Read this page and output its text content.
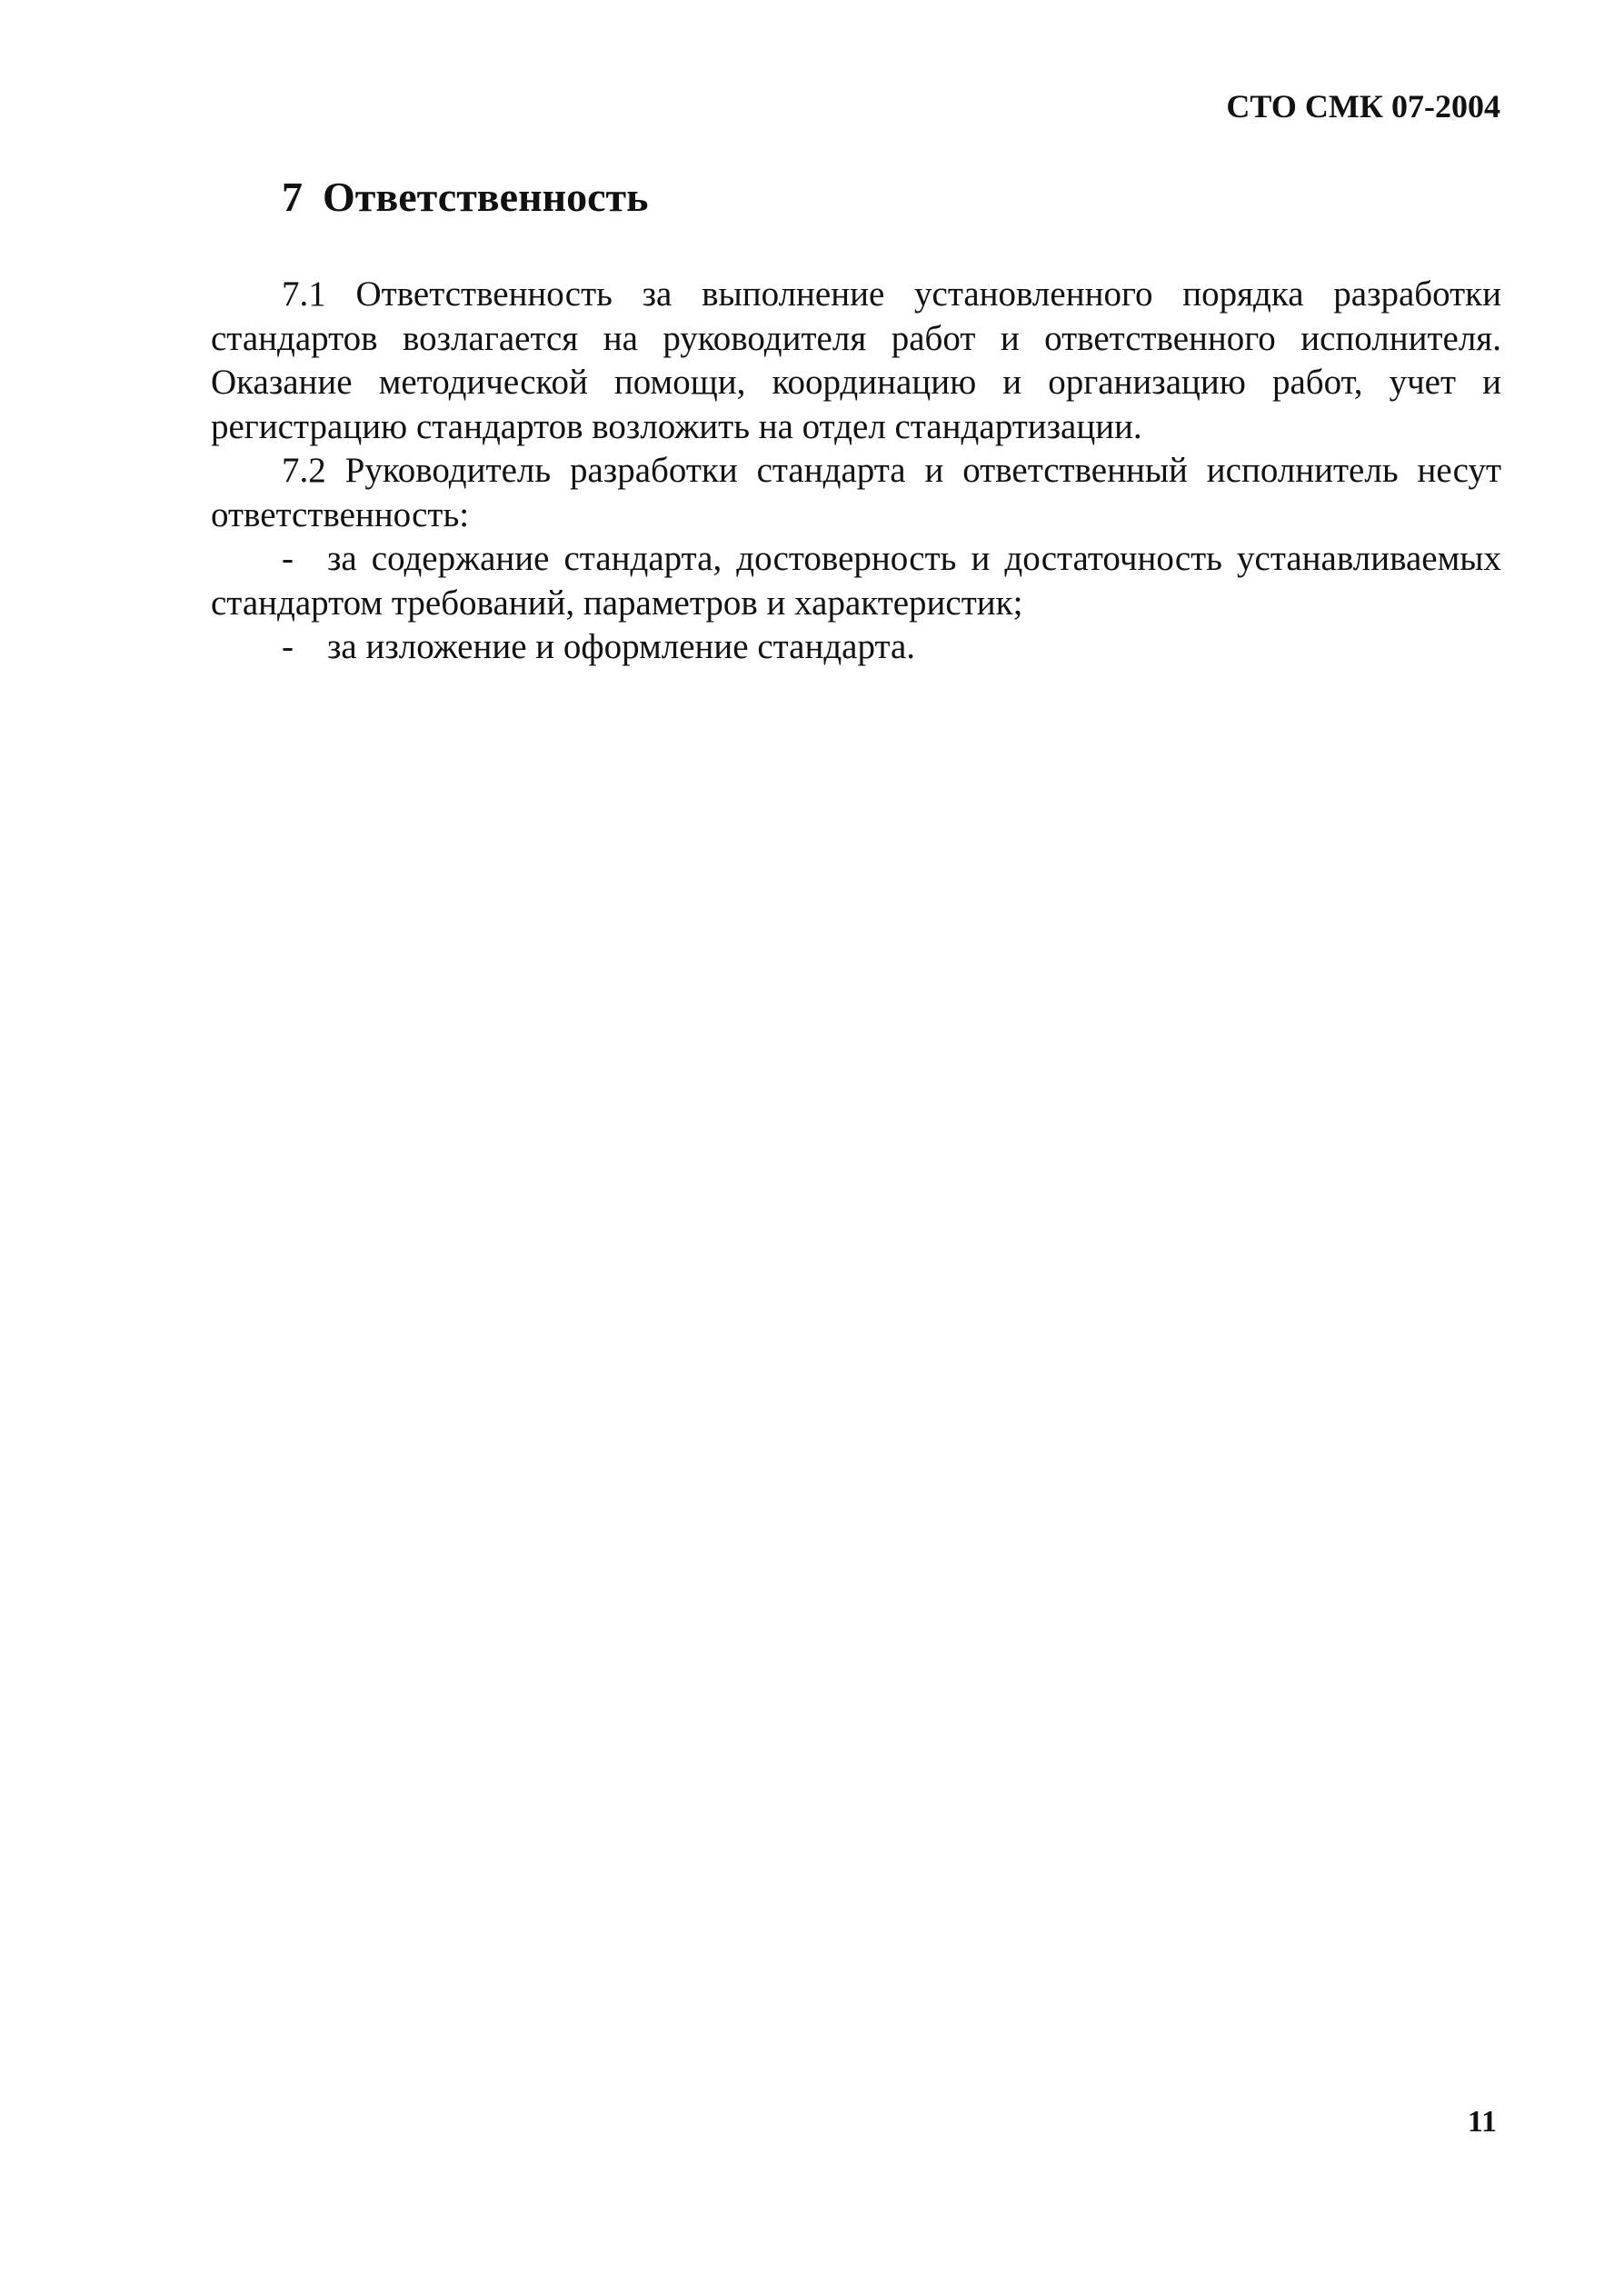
СТО СМК 07-2004
7 Ответственность

7.1 Ответственность за выполнение установленного порядка разработки стандартов возлагается на руководителя работ и ответственного исполнителя. Оказание методической помощи, координацию и организацию работ, учет и регистрацию стандартов возложить на отдел стандартизации.

7.2 Руководитель разработки стандарта и ответственный исполнитель несут ответственность:

- за содержание стандарта, достоверность и достаточность устанавливаемых стандартом требований, параметров и характеристик;

- за изложение и оформление стандарта.

11
